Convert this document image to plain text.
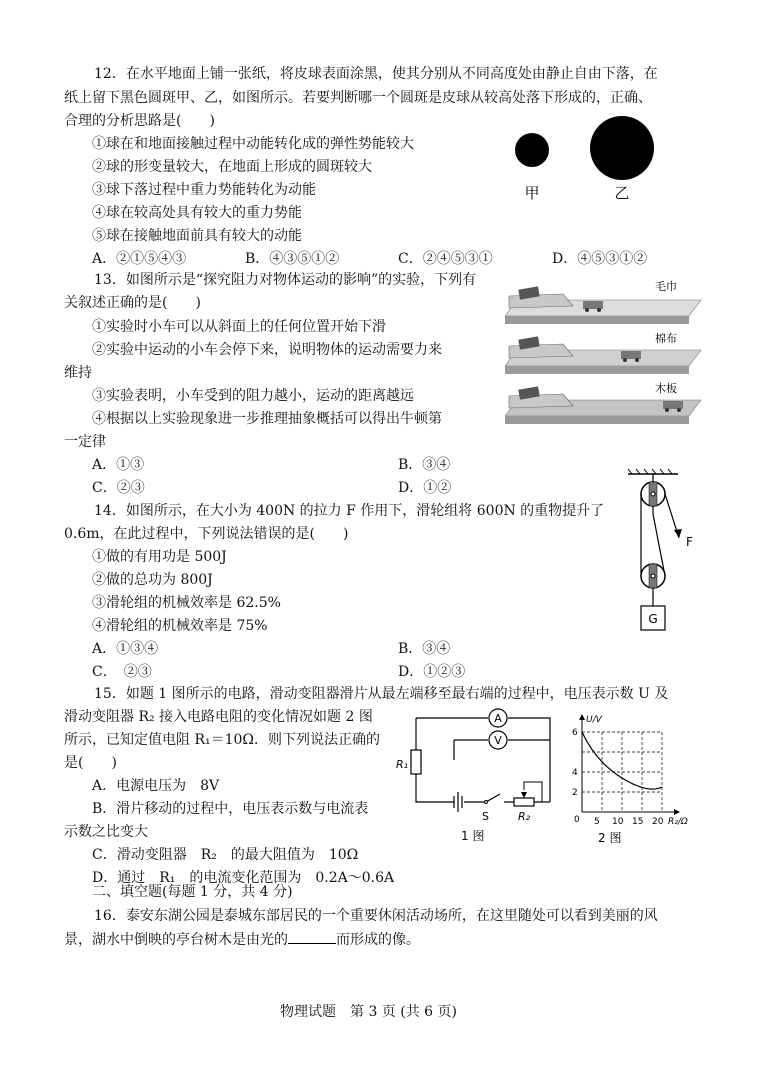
12．在水平地面上铺一张纸，将皮球表面涂黑，使其分别从不同高度处由静止自由下落，在
纸上留下黑色圆斑甲、乙，如图所示。若要判断哪一个圆斑是皮球从较高处落下形成的，正确、
合理的分析思路是(　　)
①球在和地面接触过程中动能转化成的弹性势能较大
②球的形变量较大，在地面上形成的圆斑较大
③球下落过程中重力势能转化为动能
④球在较高处具有较大的重力势能
⑤球在接触地面前具有较大的动能
A．②①⑤④③	B．④③⑤①②	C．②④⑤③①	D．④⑤③①②
甲	乙
13．如图所示是“探究阻力对物体运动的影响”的实验，下列有
关叙述正确的是(　　)
①实验时小车可以从斜面上的任何位置开始下滑
②实验中运动的小车会停下来，说明物体的运动需要力来
维持
③实验表明，小车受到的阻力越小，运动的距离越远
④根据以上实验现象进一步推理抽象概括可以得出牛顿第
一定律
A．①③	B．③④
C．②③	D．①②
毛巾
棉布
木板
14．如图所示，在大小为 400N 的拉力 F 作用下，滑轮组将 600N 的重物提升了
0.6m，在此过程中，下列说法错误的是(　　)
①做的有用功是 500J
②做的总功为 800J
③滑轮组的机械效率是 62.5%
④滑轮组的机械效率是 75%
A．①③④	B．③④
C．　②③	D．①②③
F
G
15．如题 1 图所示的电路，滑动变阻器滑片从最左端移至最右端的过程中，电压表示数 U 及
滑动变阻器 R₂ 接入电路电阻的变化情况如题 2 图
所示，已知定值电阻 R₁＝10Ω．则下列说法正确的
是(　　)
A．电源电压为　8V
B．滑片移动的过程中，电压表示数与电流表
示数之比变大
C．滑动变阻器　R₂　的最大阻值为　10Ω
D．通过　R₁　的电流变化范围为　0.2A～0.6A
A
V
R₁
S	R₂
1 图
U/V
6
4
2
0 5 10 15 20 R₂/Ω
2 图
二、填空题(每题 1 分，共 4 分)
16．泰安东湖公园是泰城东部居民的一个重要休闲活动场所，在这里随处可以看到美丽的风
景，湖水中倒映的亭台树木是由光的	而形成的像。
物理试题　第 3 页 (共 6 页)
